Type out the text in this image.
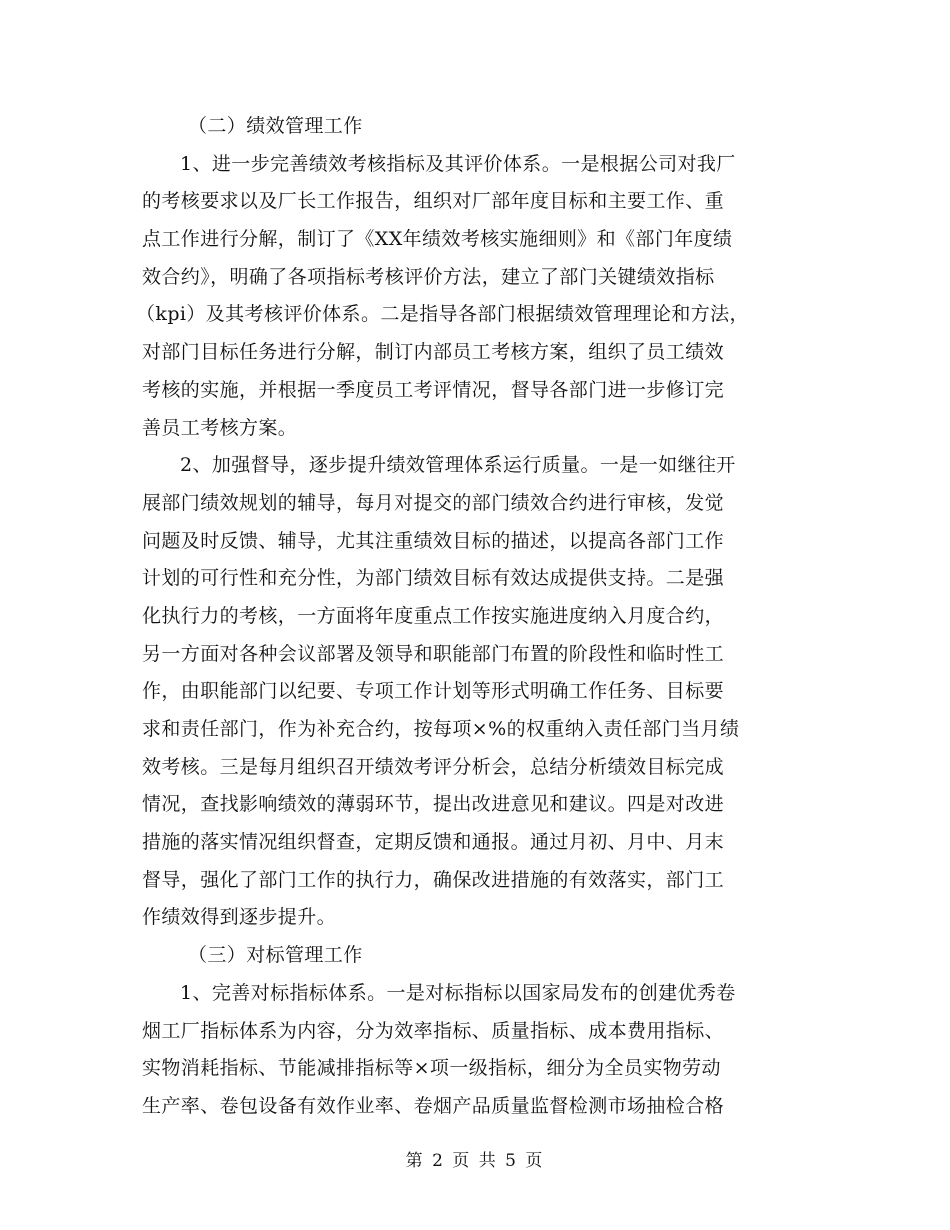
（二）绩效管理工作
1、进一步完善绩效考核指标及其评价体系。一是根据公司对我厂
的考核要求以及厂长工作报告，组织对厂部年度目标和主要工作、重
点工作进行分解，制订了《XX年绩效考核实施细则》和《部门年度绩
效合约》，明确了各项指标考核评价方法，建立了部门关键绩效指标
（kpi）及其考核评价体系。二是指导各部门根据绩效管理理论和方法，
对部门目标任务进行分解，制订内部员工考核方案，组织了员工绩效
考核的实施，并根据一季度员工考评情况，督导各部门进一步修订完
善员工考核方案。
2、加强督导，逐步提升绩效管理体系运行质量。一是一如继往开
展部门绩效规划的辅导，每月对提交的部门绩效合约进行审核，发觉
问题及时反馈、辅导，尤其注重绩效目标的描述，以提高各部门工作
计划的可行性和充分性，为部门绩效目标有效达成提供支持。二是强
化执行力的考核，一方面将年度重点工作按实施进度纳入月度合约，
另一方面对各种会议部署及领导和职能部门布置的阶段性和临时性工
作，由职能部门以纪要、专项工作计划等形式明确工作任务、目标要
求和责任部门，作为补充合约，按每项×%的权重纳入责任部门当月绩
效考核。三是每月组织召开绩效考评分析会，总结分析绩效目标完成
情况，查找影响绩效的薄弱环节，提出改进意见和建议。四是对改进
措施的落实情况组织督查，定期反馈和通报。通过月初、月中、月末
督导，强化了部门工作的执行力，确保改进措施的有效落实，部门工
作绩效得到逐步提升。
（三）对标管理工作
1、完善对标指标体系。一是对标指标以国家局发布的创建优秀卷
烟工厂指标体系为内容，分为效率指标、质量指标、成本费用指标、
实物消耗指标、节能减排指标等×项一级指标，细分为全员实物劳动
生产率、卷包设备有效作业率、卷烟产品质量监督检测市场抽检合格
第 2 页 共 5 页
